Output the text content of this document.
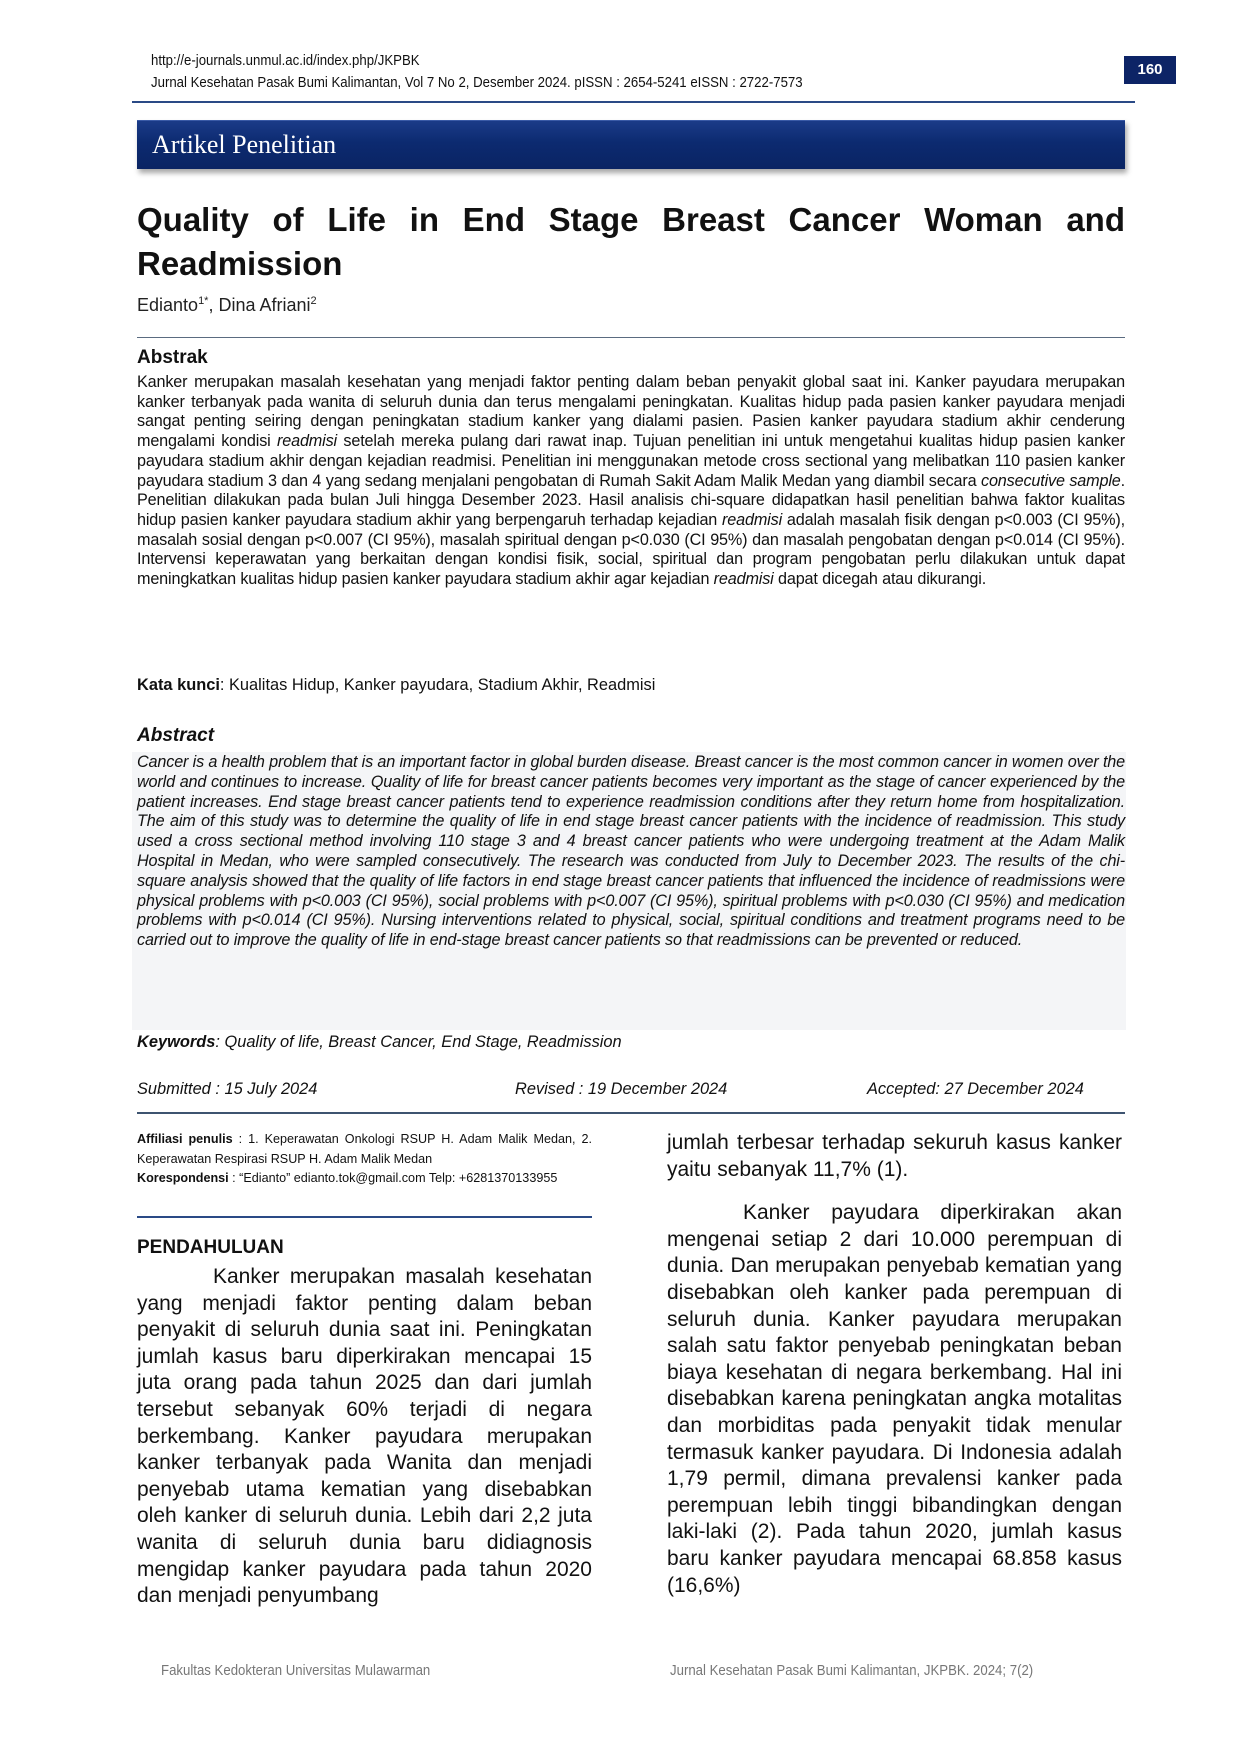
http://e-journals.unmul.ac.id/index.php/JKPBK
Jurnal Kesehatan Pasak Bumi Kalimantan, Vol 7 No 2, Desember 2024. pISSN : 2654-5241 eISSN : 2722-7573
160
Artikel Penelitian
Quality of Life in End Stage Breast Cancer Woman and Readmission
Edianto$^{1*}$, Dina Afriani$^2$
Abstrak
Kanker merupakan masalah kesehatan yang menjadi faktor penting dalam beban penyakit global saat ini. Kanker payudara merupakan kanker terbanyak pada wanita di seluruh dunia dan terus mengalami peningkatan. Kualitas hidup pada pasien kanker payudara menjadi sangat penting seiring dengan peningkatan stadium kanker yang dialami pasien. Pasien kanker payudara stadium akhir cenderung mengalami kondisi readmisi setelah mereka pulang dari rawat inap. Tujuan penelitian ini untuk mengetahui kualitas hidup pasien kanker payudara stadium akhir dengan kejadian readmisi. Penelitian ini menggunakan metode cross sectional yang melibatkan 110 pasien kanker payudara stadium 3 dan 4 yang sedang menjalani pengobatan di Rumah Sakit Adam Malik Medan yang diambil secara consecutive sample. Penelitian dilakukan pada bulan Juli hingga Desember 2023. Hasil analisis chi-square didapatkan hasil penelitian bahwa faktor kualitas hidup pasien kanker payudara stadium akhir yang berpengaruh terhadap kejadian readmisi adalah masalah fisik dengan p<0.003 (CI 95%), masalah sosial dengan p<0.007 (CI 95%), masalah spiritual dengan p<0.030 (CI 95%) dan masalah pengobatan dengan p<0.014 (CI 95%). Intervensi keperawatan yang berkaitan dengan kondisi fisik, social, spiritual dan program pengobatan perlu dilakukan untuk dapat meningkatkan kualitas hidup pasien kanker payudara stadium akhir agar kejadian readmisi dapat dicegah atau dikurangi.
Kata kunci: Kualitas Hidup, Kanker payudara, Stadium Akhir, Readmisi
Abstract
Cancer is a health problem that is an important factor in global burden disease. Breast cancer is the most common cancer in women over the world and continues to increase. Quality of life for breast cancer patients becomes very important as the stage of cancer experienced by the patient increases. End stage breast cancer patients tend to experience readmission conditions after they return home from hospitalization. The aim of this study was to determine the quality of life in end stage breast cancer patients with the incidence of readmission. This study used a cross sectional method involving 110 stage 3 and 4 breast cancer patients who were undergoing treatment at the Adam Malik Hospital in Medan, who were sampled consecutively. The research was conducted from July to December 2023. The results of the chi-square analysis showed that the quality of life factors in end stage breast cancer patients that influenced the incidence of readmissions were physical problems with p<0.003 (CI 95%), social problems with p<0.007 (CI 95%), spiritual problems with p<0.030 (CI 95%) and medication problems with p<0.014 (CI 95%). Nursing interventions related to physical, social, spiritual conditions and treatment programs need to be carried out to improve the quality of life in end-stage breast cancer patients so that readmissions can be prevented or reduced.
Keywords: Quality of life, Breast Cancer, End Stage, Readmission
Submitted : 15 July 2024	Revised : 19 December 2024	Accepted: 27 December 2024
Affiliasi penulis : 1. Keperawatan Onkologi RSUP H. Adam Malik Medan, 2. Keperawatan Respirasi RSUP H. Adam Malik Medan
Korespondensi : “Edianto” edianto.tok@gmail.com Telp: +6281370133955
PENDAHULUAN
Kanker merupakan masalah kesehatan yang menjadi faktor penting dalam beban penyakit di seluruh dunia saat ini. Peningkatan jumlah kasus baru diperkirakan mencapai 15 juta orang pada tahun 2025 dan dari jumlah tersebut sebanyak 60% terjadi di negara berkembang. Kanker payudara merupakan kanker terbanyak pada Wanita dan menjadi penyebab utama kematian yang disebabkan oleh kanker di seluruh dunia. Lebih dari 2,2 juta wanita di seluruh dunia baru didiagnosis mengidap kanker payudara pada tahun 2020 dan menjadi penyumbang
jumlah terbesar terhadap sekuruh kasus kanker yaitu sebanyak 11,7% (1).
Kanker payudara diperkirakan akan mengenai setiap 2 dari 10.000 perempuan di dunia. Dan merupakan penyebab kematian yang disebabkan oleh kanker pada perempuan di seluruh dunia. Kanker payudara merupakan salah satu faktor penyebab peningkatan beban biaya kesehatan di negara berkembang. Hal ini disebabkan karena peningkatan angka motalitas dan morbiditas pada penyakit tidak menular termasuk kanker payudara. Di Indonesia adalah 1,79 permil, dimana prevalensi kanker pada perempuan lebih tinggi bibandingkan dengan laki-laki (2). Pada tahun 2020, jumlah kasus baru kanker payudara mencapai 68.858 kasus (16,6%)
Fakultas Kedokteran Universitas Mulawarman	Jurnal Kesehatan Pasak Bumi Kalimantan, JKPBK. 2024; 7(2)
